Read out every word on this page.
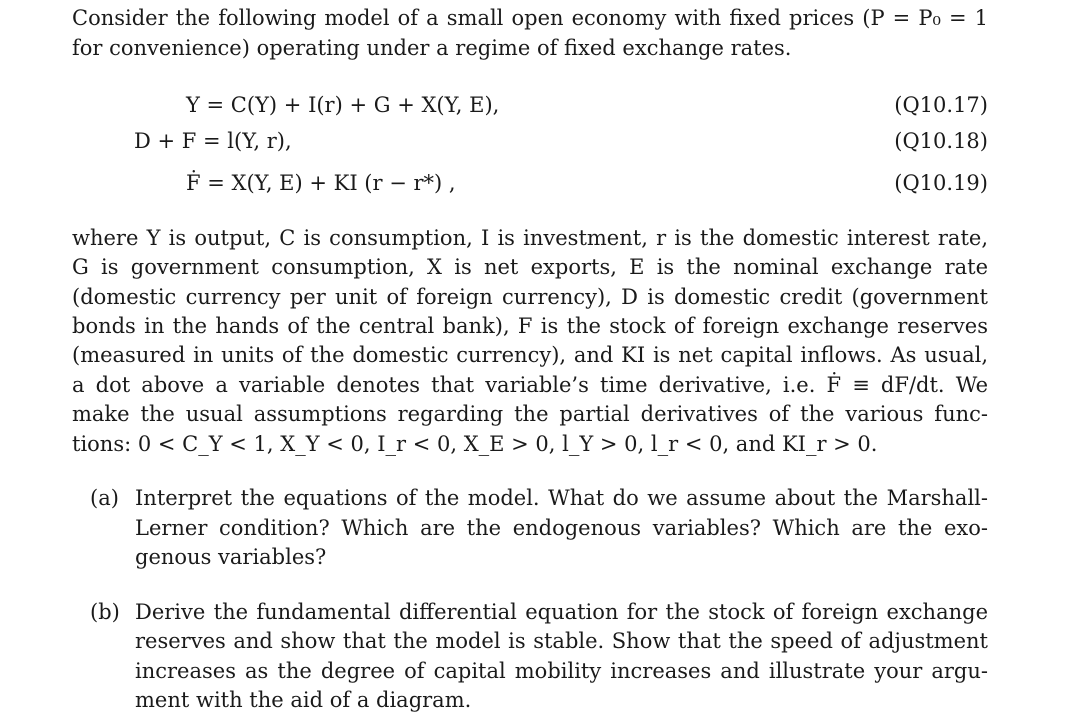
Consider the following model of a small open economy with fixed prices (P = P₀ = 1
for convenience) operating under a regime of fixed exchange rates.
Y = C(Y) + I(r) + G + X(Y, E),	(Q10.17)
D + F = l(Y, r),	(Q10.18)
Ḟ = X(Y, E) + KI (r − r*) ,	(Q10.19)
where Y is output, C is consumption, I is investment, r is the domestic interest rate,
G is government consumption, X is net exports, E is the nominal exchange rate
(domestic currency per unit of foreign currency), D is domestic credit (government
bonds in the hands of the central bank), F is the stock of foreign exchange reserves
(measured in units of the domestic currency), and KI is net capital inflows. As usual,
a dot above a variable denotes that variable’s time derivative, i.e. Ḟ ≡ dF/dt. We
make the usual assumptions regarding the partial derivatives of the various func-
tions: 0 < C_Y < 1, X_Y < 0, I_r < 0, X_E > 0, l_Y > 0, l_r < 0, and KI_r > 0.
(a) Interpret the equations of the model. What do we assume about the Marshall-
Lerner condition? Which are the endogenous variables? Which are the exo-
genous variables?
(b) Derive the fundamental differential equation for the stock of foreign exchange
reserves and show that the model is stable. Show that the speed of adjustment
increases as the degree of capital mobility increases and illustrate your argu-
ment with the aid of a diagram.
